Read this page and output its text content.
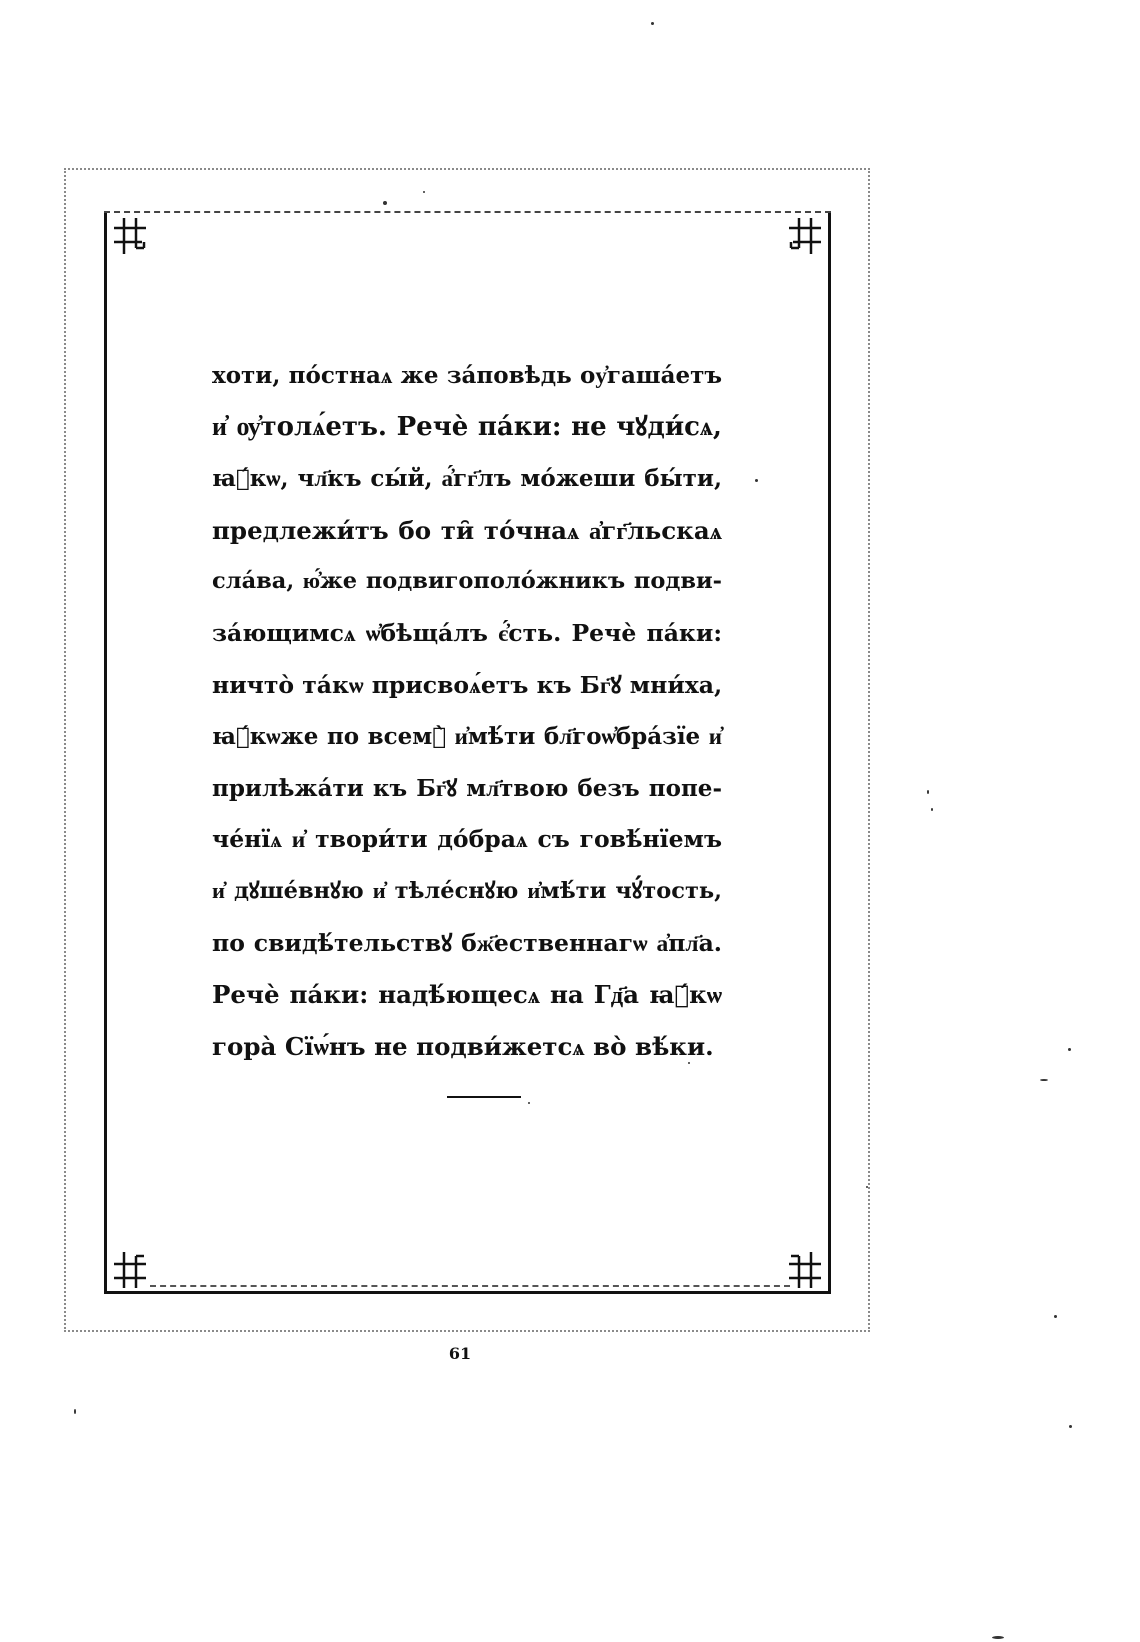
хоти, по́стнаѧ же за́повѣдь оу҆гаша́етъ
и҆ ѹ҆толѧ́етъ. Речѐ па́ки: не чꙋди́сѧ,
ꙗ҆́кѡ, чл҃къ сы́й, а҆́гг҃лъ мо́жеши бы́ти,
предлежи́тъ бо ти̑ то́чнаѧ а҆гг҃льскаѧ
сла́ва, ю҆́же подвигополо́жникъ подви-
за́ющимсѧ ѡ҆бѣща́лъ є҆́сть. Речѐ па́ки:
ничто̀ та́кѡ присвоѧ́етъ къ Бг҃ꙋ мни́ха,
ꙗ҆́кѡже по всемꙋ̀ и҆мѣ́ти бл҃гоѡ҆бра́зїе и҆
прилѣжа́ти къ Бг҃ꙋ мл҃твою безъ попе-
че́нїѧ и҆ твори́ти до́браѧ съ говѣ́нїемъ
и҆ дꙋше́внꙋю и҆ тѣле́снꙋю и҆мѣ́ти чꙋ́тость,
по свидѣ́тельствꙋ бж҃ественнагѡ а҆пл҃а.
Речѐ па́ки: надѣ́ющесѧ на Гд҃а ꙗ҆́кѡ
гора̀ Сїѡ́нъ не подви́жетсѧ во̀ вѣ́ки.
61
